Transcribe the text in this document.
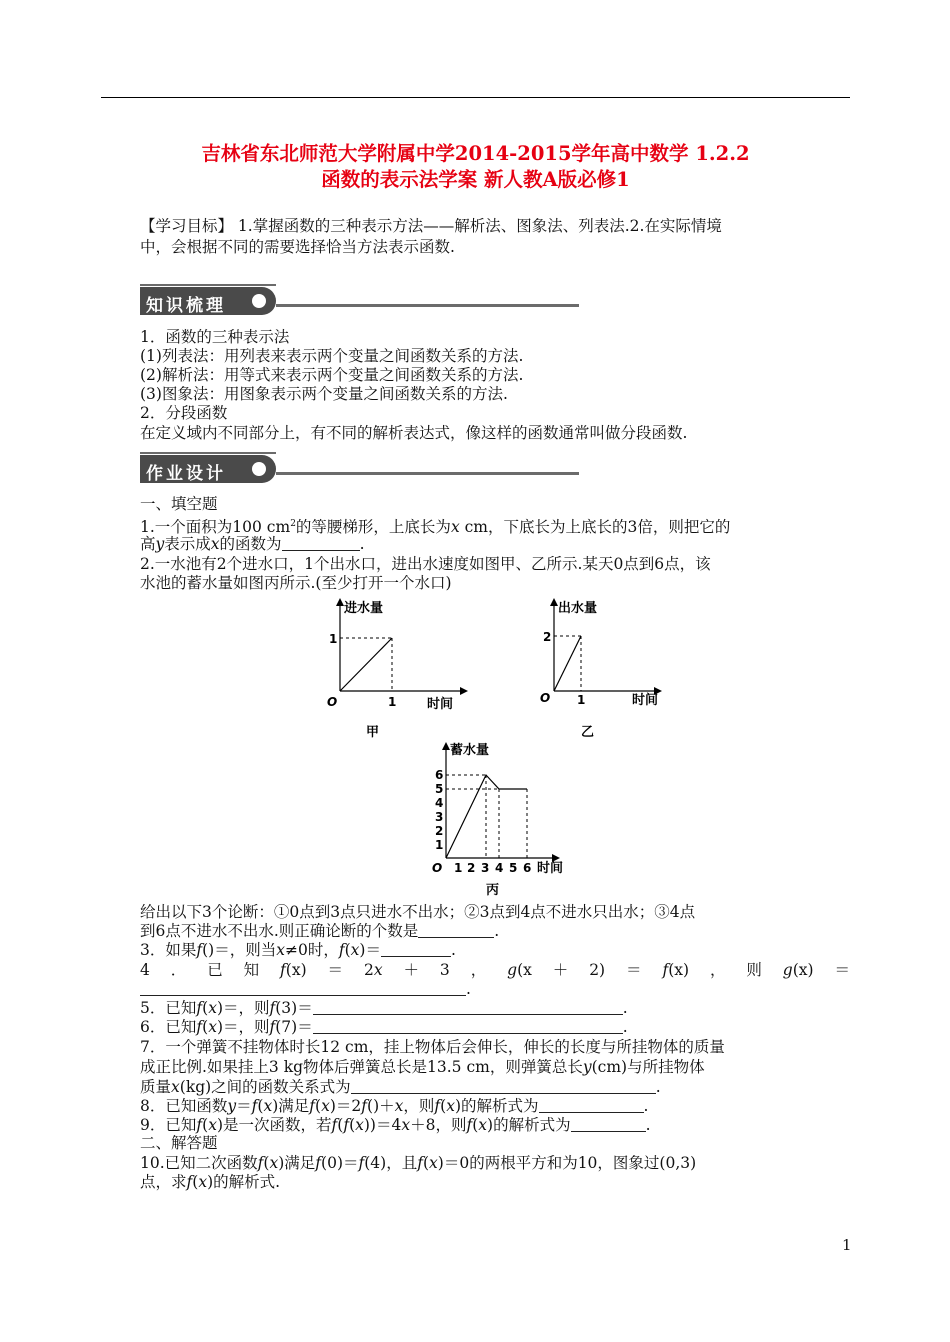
吉林省东北师范大学附属中学2014-2015学年高中数学 1.2.2
函数的表示法学案 新人教A版必修1
【学习目标】 1.掌握函数的三种表示方法——解析法、图象法、列表法.2.在实际情境
中，会根据不同的需要选择恰当方法表示函数.
知识梳理
1．函数的三种表示法
(1)列表法：用列表来表示两个变量之间函数关系的方法.
(2)解析法：用等式来表示两个变量之间函数关系的方法.
(3)图象法：用图象表示两个变量之间函数关系的方法.
2．分段函数
在定义域内不同部分上，有不同的解析表达式，像这样的函数通常叫做分段函数.
作业设计
一、填空题
1.一个面积为100 $cm^2$的等腰梯形，上底长为x cm，下底长为上底长的3倍，则把它的
高y表示成x的函数为	.
2.一水池有2个进水口，1个出水口，进出水速度如图甲、乙所示.某天0点到6点，该
水池的蓄水量如图丙所示.(至少打开一个水口)
进水量
1
O	1 时间
甲
出水量
2
O 1	时间
乙
蓄水量
6
5
4
3
2
1
O 1 2 3 4 5 6 时间
丙
给出以下3个论断：①0点到3点只进水不出水；②3点到4点不进水只出水；③4点
到6点不进水不出水.则正确论断的个数是	.
3．如果f()＝，则当x≠0时，f(x)＝	.
4 ． 已 知 f(x) ＝ 2x ＋ 3 ， g(x ＋ 2) ＝ f(x) ， 则 g(x) ＝
.
5．已知f(x)＝，则f(3)＝	.
6．已知f(x)＝，则f(7)＝	.
7．一个弹簧不挂物体时长12 cm，挂上物体后会伸长，伸长的长度与所挂物体的质量
成正比例.如果挂上3 kg物体后弹簧总长是13.5 cm，则弹簧总长y(cm)与所挂物体
质量x(kg)之间的函数关系式为	.
8．已知函数y＝f(x)满足f(x)＝2f()＋x，则f(x)的解析式为	.
9．已知f(x)是一次函数，若f(f(x))＝4x＋8，则f(x)的解析式为	.
二、解答题
10.已知二次函数f(x)满足f(0)＝f(4)，且f(x)＝0的两根平方和为10，图象过(0,3)
点，求f(x)的解析式.
1
